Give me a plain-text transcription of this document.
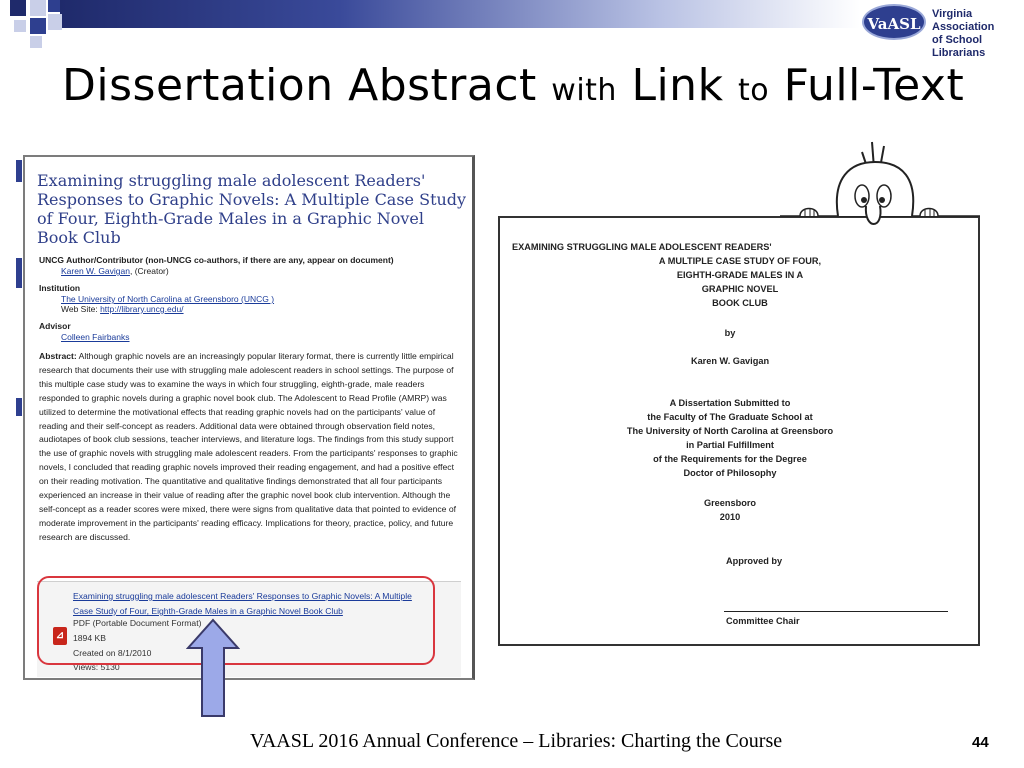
VaASL
Virginia Association
of School Librarians
Dissertation Abstract with Link to Full-Text
Examining struggling male adolescent Readers' Responses to Graphic Novels: A Multiple Case Study of Four, Eighth-Grade Males in a Graphic Novel Book Club
UNCG Author/Contributor (non-UNCG co-authors, if there are any, appear on document)
Karen W. Gavigan, (Creator)
Institution
The University of North Carolina at Greensboro (UNCG )
Web Site: http://library.uncg.edu/
Advisor
Colleen Fairbanks
Abstract: Although graphic novels are an increasingly popular literary format, there is currently little empirical research that documents their use with struggling male adolescent readers in school settings. The purpose of this multiple case study was to examine the ways in which four struggling, eighth-grade, male readers responded to graphic novels during a graphic novel book club. The Adolescent to Read Profile (AMRP) was utilized to determine the motivational effects that reading graphic novels had on the participants' value of reading and their self-concept as readers. Additional data were obtained through observation field notes, audiotapes of book club sessions, teacher interviews, and literature logs. The findings from this study support the use of graphic novels with struggling male adolescent readers. From the participants' responses to graphic novels, I concluded that reading graphic novels improved their reading engagement, and had a positive effect on their reading motivation. The quantitative and qualitative findings demonstrated that all four participants experienced an increase in their value of reading after the graphic novel book club intervention. Although the self-concept as a reader scores were mixed, there were signs from qualitative data that pointed to evidence of moderate improvement in the participants' reading efficacy. Implications for theory, practice, policy, and future research are discussed.
Examining struggling male adolescent Readers' Responses to Graphic Novels: A Multiple Case Study of Four, Eighth-Grade Males in a Graphic Novel Book Club
⊿
PDF (Portable Document Format)
1894 KB
Created on 8/1/2010
Views: 5130
EXAMINING STRUGGLING MALE ADOLESCENT READERS'
A MULTIPLE CASE STUDY OF FOUR,
EIGHTH-GRADE MALES IN A
GRAPHIC NOVEL
BOOK CLUB
by
Karen W. Gavigan
A Dissertation Submitted to
the Faculty of The Graduate School at
The University of North Carolina at Greensboro
in Partial Fulfillment
of the Requirements for the Degree
Doctor of Philosophy
Greensboro
2010
Approved by
Committee Chair
VAASL 2016 Annual Conference – Libraries: Charting the Course	44
